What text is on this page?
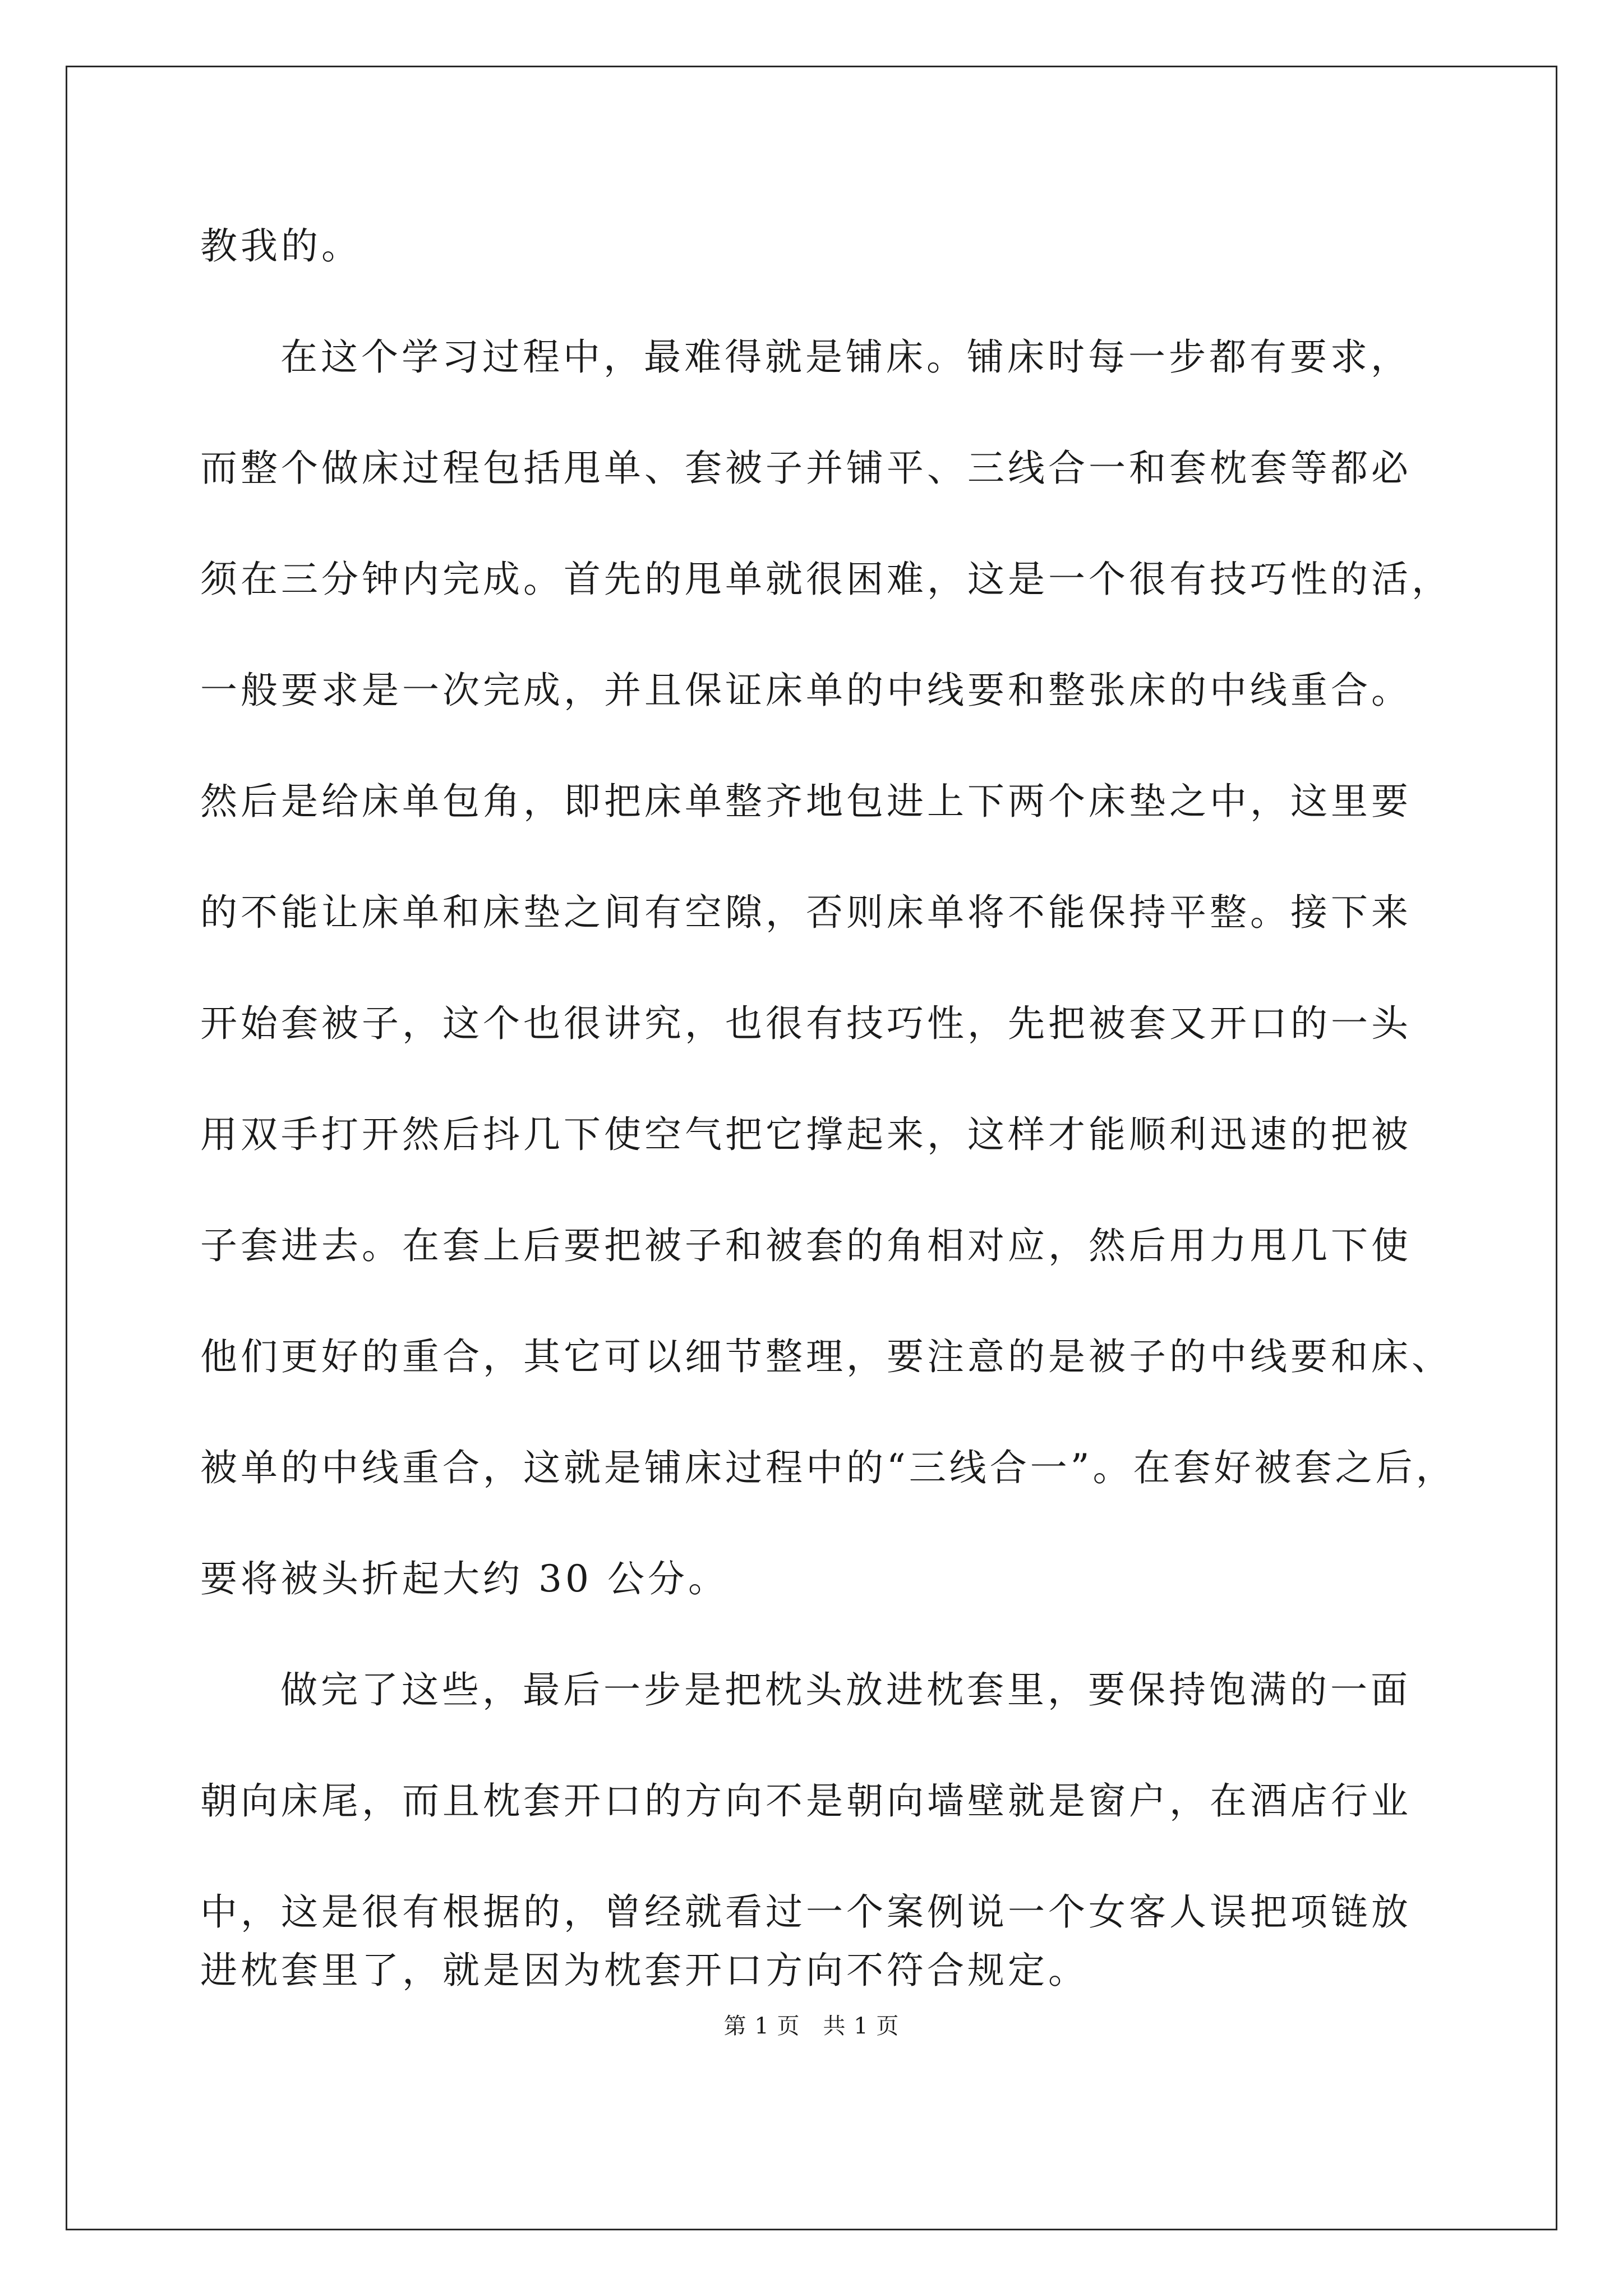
教我的。

在这个学习过程中，最难得就是铺床。铺床时每一步都有要求，

而整个做床过程包括甩单、套被子并铺平、三线合一和套枕套等都必

须在三分钟内完成。首先的甩单就很困难，这是一个很有技巧性的活，

一般要求是一次完成，并且保证床单的中线要和整张床的中线重合。

然后是给床单包角，即把床单整齐地包进上下两个床垫之中，这里要

的不能让床单和床垫之间有空隙，否则床单将不能保持平整。接下来

开始套被子，这个也很讲究，也很有技巧性，先把被套又开口的一头

用双手打开然后抖几下使空气把它撑起来，这样才能顺利迅速的把被

子套进去。在套上后要把被子和被套的角相对应，然后用力甩几下使

他们更好的重合，其它可以细节整理，要注意的是被子的中线要和床、

被单的中线重合，这就是铺床过程中的“三线合一”。在套好被套之后，

要将被头折起大约 30 公分。

做完了这些，最后一步是把枕头放进枕套里，要保持饱满的一面

朝向床尾，而且枕套开口的方向不是朝向墙壁就是窗户，在酒店行业

中，这是很有根据的，曾经就看过一个案例说一个女客人误把项链放

进枕套里了，就是因为枕套开口方向不符合规定。

第 1 页　共 1 页
